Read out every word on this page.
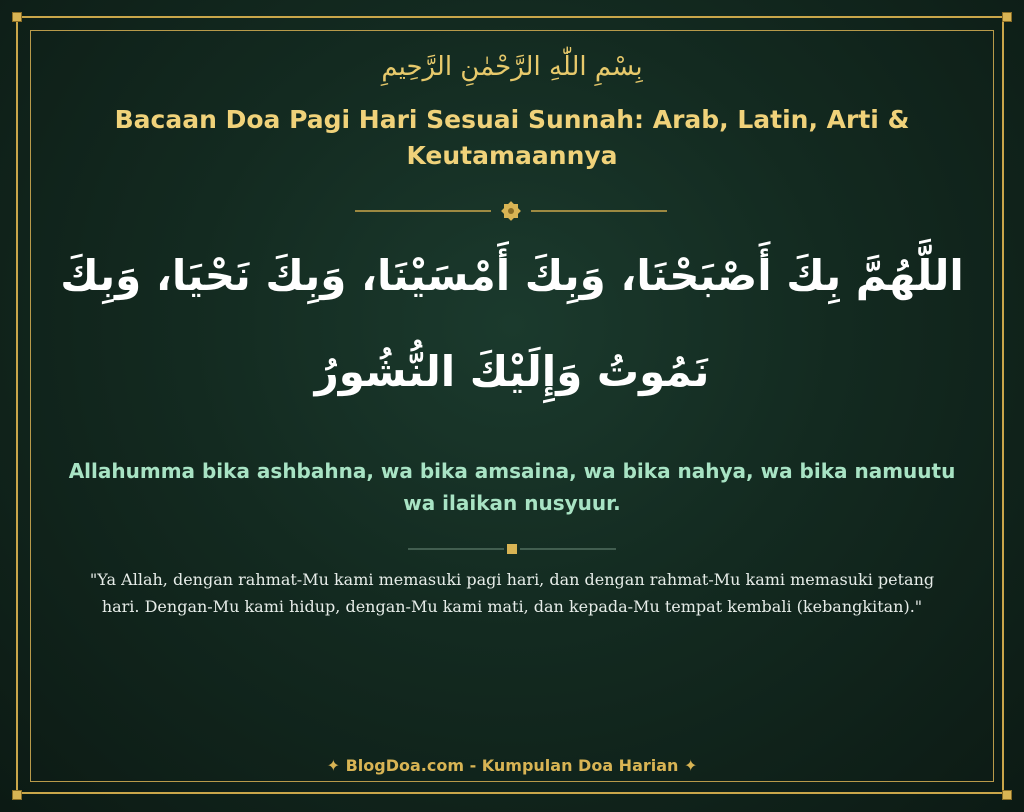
بِسْمِ اللّٰهِ الرَّحْمٰنِ الرَّحِيمِ
Bacaan Doa Pagi Hari Sesuai Sunnah: Arab, Latin, Arti & Keutamaannya
اللَّهُمَّ بِكَ أَصْبَحْنَا، وَبِكَ أَمْسَيْنَا، وَبِكَ نَحْيَا، وَبِكَ نَمُوتُ وَإِلَيْكَ النُّشُورُ
Allahumma bika ashbahna, wa bika amsaina, wa bika nahya, wa bika namuutu wa ilaikan nusyuur.
"Ya Allah, dengan rahmat-Mu kami memasuki pagi hari, dan dengan rahmat-Mu kami memasuki petang hari. Dengan-Mu kami hidup, dengan-Mu kami mati, dan kepada-Mu tempat kembali (kebangkitan)."
✦ BlogDoa.com - Kumpulan Doa Harian ✦
